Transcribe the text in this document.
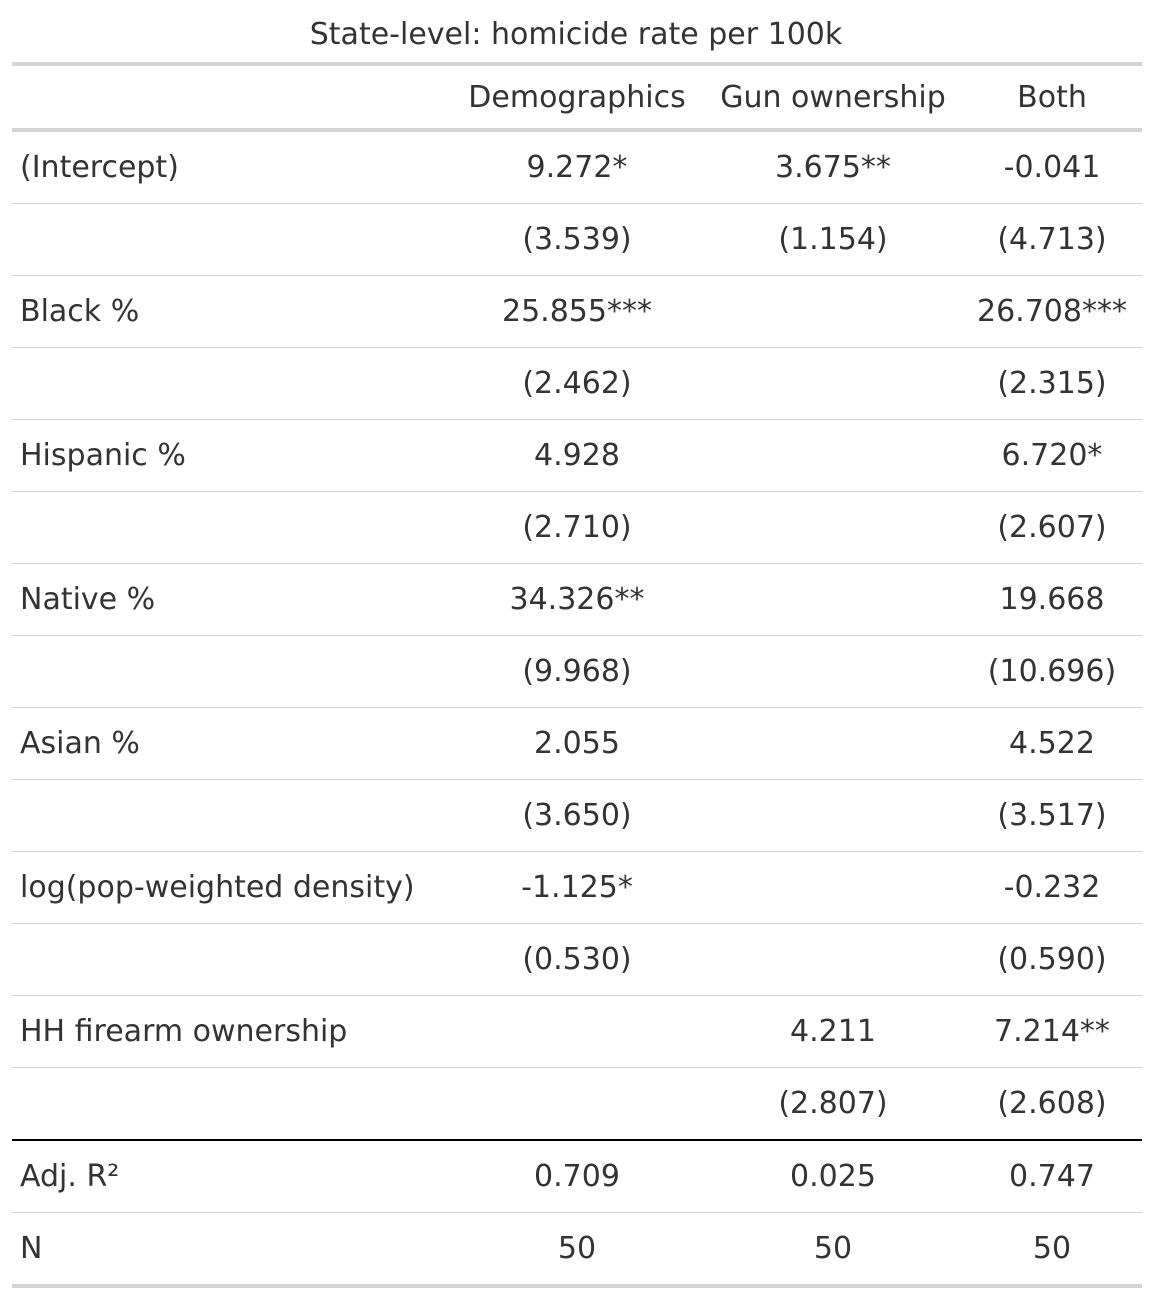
State-level: homicide rate per 100k
	Demographics	Gun ownership	Both
(Intercept)	9.272*	3.675**	-0.041
	(3.539)	(1.154)	(4.713)
Black %	25.855***		26.708***
	(2.462)		(2.315)
Hispanic %	4.928		6.720*
	(2.710)		(2.607)
Native %	34.326**		19.668
	(9.968)		(10.696)
Asian %	2.055		4.522
	(3.650)		(3.517)
log(pop-weighted density)	-1.125*		-0.232
	(0.530)		(0.590)
HH firearm ownership		4.211	7.214**
		(2.807)	(2.608)
Adj. R²	0.709	0.025	0.747
N	50	50	50
